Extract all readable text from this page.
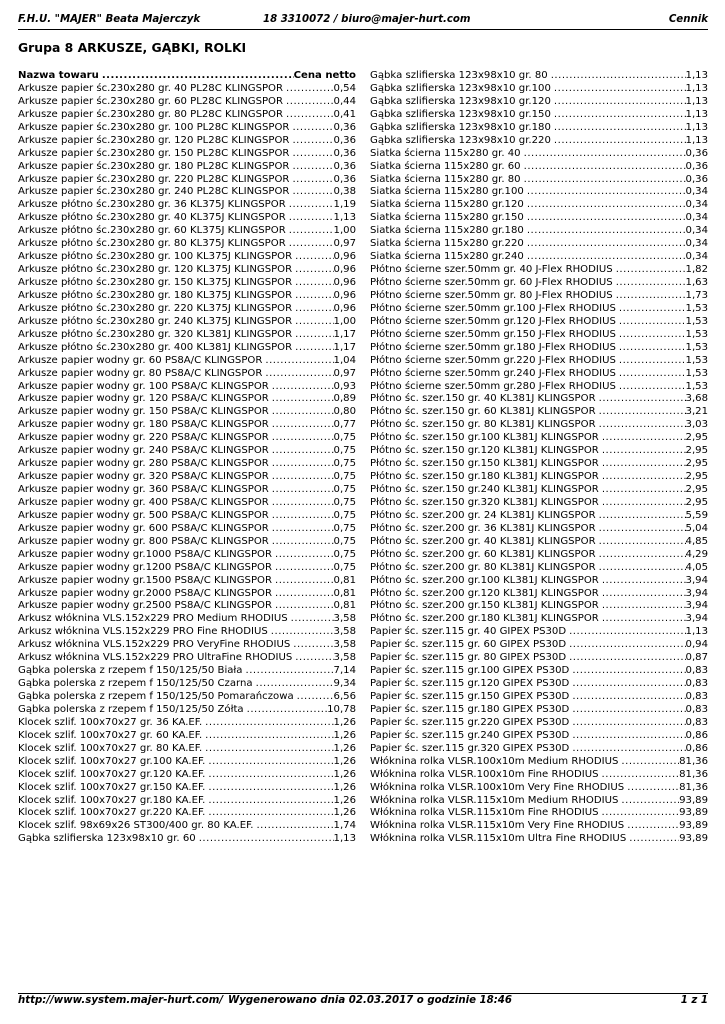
F.H.U. "MAJER" Beata Majerczyk	18 3310072 / biuro@majer-hurt.com	Cennik
Grupa 8 ARKUSZE, GĄBKI, ROLKI
Nazwa towaru .....	Cena netto
Arkusze papier śc.230x280 gr. 40 PL28C KLINGSPOR .....	0,54
Arkusze papier śc.230x280 gr. 60 PL28C KLINGSPOR .....	0,44
Arkusze papier śc.230x280 gr. 80 PL28C KLINGSPOR .....	0,41
Arkusze papier śc.230x280 gr. 100 PL28C KLINGSPOR .....	0,36
Arkusze papier śc.230x280 gr. 120 PL28C KLINGSPOR .....	0,36
Arkusze papier śc.230x280 gr. 150 PL28C KLINGSPOR .....	0,36
Arkusze papier śc.230x280 gr. 180 PL28C KLINGSPOR .....	0,36
Arkusze papier śc.230x280 gr. 220 PL28C KLINGSPOR .....	0,36
Arkusze papier śc.230x280 gr. 240 PL28C KLINGSPOR .....	0,38
Arkusze płótno śc.230x280 gr. 36 KL375J KLINGSPOR .....	1,19
Arkusze płótno śc.230x280 gr. 40 KL375J KLINGSPOR .....	1,13
Arkusze płótno śc.230x280 gr. 60 KL375J KLINGSPOR .....	1,00
Arkusze płótno śc.230x280 gr. 80 KL375J KLINGSPOR .....	0,97
Arkusze płótno śc.230x280 gr. 100 KL375J KLINGSPOR .....	0,96
Arkusze płótno śc.230x280 gr. 120 KL375J KLINGSPOR .....	0,96
Arkusze płótno śc.230x280 gr. 150 KL375J KLINGSPOR .....	0,96
Arkusze płótno śc.230x280 gr. 180 KL375J KLINGSPOR .....	0,96
Arkusze płótno śc.230x280 gr. 220 KL375J KLINGSPOR .....	0,96
Arkusze płótno śc.230x280 gr. 240 KL375J KLINGSPOR .....	1,00
Arkusze płótno śc.230x280 gr. 320 KL381J KLINGSPOR .....	1,17
Arkusze płótno śc.230x280 gr. 400 KL381J KLINGSPOR .....	1,17
Arkusze papier wodny gr. 60 PS8A/C KLINGSPOR .....	1,04
Arkusze papier wodny gr. 80 PS8A/C KLINGSPOR .....	0,97
Arkusze papier wodny gr. 100 PS8A/C KLINGSPOR .....	0,93
Arkusze papier wodny gr. 120 PS8A/C KLINGSPOR .....	0,89
Arkusze papier wodny gr. 150 PS8A/C KLINGSPOR .....	0,80
Arkusze papier wodny gr. 180 PS8A/C KLINGSPOR .....	0,77
Arkusze papier wodny gr. 220 PS8A/C KLINGSPOR .....	0,75
Arkusze papier wodny gr. 240 PS8A/C KLINGSPOR .....	0,75
Arkusze papier wodny gr. 280 PS8A/C KLINGSPOR .....	0,75
Arkusze papier wodny gr. 320 PS8A/C KLINGSPOR .....	0,75
Arkusze papier wodny gr. 360 PS8A/C KLINGSPOR .....	0,75
Arkusze papier wodny gr. 400 PS8A/C KLINGSPOR .....	0,75
Arkusze papier wodny gr. 500 PS8A/C KLINGSPOR .....	0,75
Arkusze papier wodny gr. 600 PS8A/C KLINGSPOR .....	0,75
Arkusze papier wodny gr. 800 PS8A/C KLINGSPOR .....	0,75
Arkusze papier wodny gr.1000 PS8A/C KLINGSPOR .....	0,75
Arkusze papier wodny gr.1200 PS8A/C KLINGSPOR .....	0,75
Arkusze papier wodny gr.1500 PS8A/C KLINGSPOR .....	0,81
Arkusze papier wodny gr.2000 PS8A/C KLINGSPOR .....	0,81
Arkusze papier wodny gr.2500 PS8A/C KLINGSPOR .....	0,81
Arkusz włóknina VLS.152x229 PRO Medium RHODIUS .....	3,58
Arkusz włóknina VLS.152x229 PRO Fine RHODIUS .....	3,58
Arkusz włóknina VLS.152x229 PRO VeryFine RHODIUS .....	3,58
Arkusz włóknina VLS.152x229 PRO UltraFine RHODIUS .....	3,58
Gąbka polerska z rzepem f 150/125/50 Biała .....	7,14
Gąbka polerska z rzepem f 150/125/50 Czarna .....	9,34
Gąbka polerska z rzepem f 150/125/50 Pomarańczowa .....	6,56
Gąbka polerska z rzepem f 150/125/50 Żółta .....	10,78
Klocek szlif. 100x70x27 gr. 36 KA.EF. .....	1,26
Klocek szlif. 100x70x27 gr. 60 KA.EF. .....	1,26
Klocek szlif. 100x70x27 gr. 80 KA.EF. .....	1,26
Klocek szlif. 100x70x27 gr.100 KA.EF. .....	1,26
Klocek szlif. 100x70x27 gr.120 KA.EF. .....	1,26
Klocek szlif. 100x70x27 gr.150 KA.EF. .....	1,26
Klocek szlif. 100x70x27 gr.180 KA.EF. .....	1,26
Klocek szlif. 100x70x27 gr.220 KA.EF. .....	1,26
Klocek szlif. 98x69x26 ST300/400 gr. 80 KA.EF. .....	1,74
Gąbka szlifierska 123x98x10 gr. 60 .....	1,13
Gąbka szlifierska 123x98x10 gr. 80 .....	1,13
Gąbka szlifierska 123x98x10 gr.100 .....	1,13
Gąbka szlifierska 123x98x10 gr.120 .....	1,13
Gąbka szlifierska 123x98x10 gr.150 .....	1,13
Gąbka szlifierska 123x98x10 gr.180 .....	1,13
Gąbka szlifierska 123x98x10 gr.220 .....	1,13
Siatka ścierna 115x280 gr. 40 .....	0,36
Siatka ścierna 115x280 gr. 60 .....	0,36
Siatka ścierna 115x280 gr. 80 .....	0,36
Siatka ścierna 115x280 gr.100 .....	0,34
Siatka ścierna 115x280 gr.120 .....	0,34
Siatka ścierna 115x280 gr.150 .....	0,34
Siatka ścierna 115x280 gr.180 .....	0,34
Siatka ścierna 115x280 gr.220 .....	0,34
Siatka ścierna 115x280 gr.240 .....	0,34
Płótno ścierne szer.50mm gr. 40 J-Flex RHODIUS .....	1,82
Płótno ścierne szer.50mm gr. 60 J-Flex RHODIUS .....	1,63
Płótno ścierne szer.50mm gr. 80 J-Flex RHODIUS .....	1,73
Płótno ścierne szer.50mm gr.100 J-Flex RHODIUS .....	1,53
Płótno ścierne szer.50mm gr.120 J-Flex RHODIUS .....	1,53
Płótno ścierne szer.50mm gr.150 J-Flex RHODIUS .....	1,53
Płótno ścierne szer.50mm gr.180 J-Flex RHODIUS .....	1,53
Płótno ścierne szer.50mm gr.220 J-Flex RHODIUS .....	1,53
Płótno ścierne szer.50mm gr.240 J-Flex RHODIUS .....	1,53
Płótno ścierne szer.50mm gr.280 J-Flex RHODIUS .....	1,53
Płótno śc. szer.150 gr. 40 KL381J KLINGSPOR .....	3,68
Płótno śc. szer.150 gr. 60 KL381J KLINGSPOR .....	3,21
Płótno śc. szer.150 gr. 80 KL381J KLINGSPOR .....	3,03
Płótno śc. szer.150 gr.100 KL381J KLINGSPOR .....	2,95
Płótno śc. szer.150 gr.120 KL381J KLINGSPOR .....	2,95
Płótno śc. szer.150 gr.150 KL381J KLINGSPOR .....	2,95
Płótno śc. szer.150 gr.180 KL381J KLINGSPOR .....	2,95
Płótno śc. szer.150 gr.240 KL381J KLINGSPOR .....	2,95
Płótno śc. szer.150 gr.320 KL381J KLINGSPOR .....	2,95
Płótno śc. szer.200 gr. 24 KL381J KLINGSPOR .....	5,59
Płótno śc. szer.200 gr. 36 KL381J KLINGSPOR .....	5,04
Płótno śc. szer.200 gr. 40 KL381J KLINGSPOR .....	4,85
Płótno śc. szer.200 gr. 60 KL381J KLINGSPOR .....	4,29
Płótno śc. szer.200 gr. 80 KL381J KLINGSPOR .....	4,05
Płótno śc. szer.200 gr.100 KL381J KLINGSPOR .....	3,94
Płótno śc. szer.200 gr.120 KL381J KLINGSPOR .....	3,94
Płótno śc. szer.200 gr.150 KL381J KLINGSPOR .....	3,94
Płótno śc. szer.200 gr.180 KL381J KLINGSPOR .....	3,94
Papier śc. szer.115 gr. 40 GIPEX PS30D .....	1,13
Papier śc. szer.115 gr. 60 GIPEX PS30D .....	0,94
Papier śc. szer.115 gr. 80 GIPEX PS30D .....	0,87
Papier śc. szer.115 gr.100 GIPEX PS30D .....	0,83
Papier śc. szer.115 gr.120 GIPEX PS30D .....	0,83
Papier śc. szer.115 gr.150 GIPEX PS30D .....	0,83
Papier śc. szer.115 gr.180 GIPEX PS30D .....	0,83
Papier śc. szer.115 gr.220 GIPEX PS30D .....	0,83
Papier śc. szer.115 gr.240 GIPEX PS30D .....	0,86
Papier śc. szer.115 gr.320 GIPEX PS30D .....	0,86
Włóknina rolka VLSR.100x10m Medium RHODIUS .....	81,36
Włóknina rolka VLSR.100x10m Fine RHODIUS .....	81,36
Włóknina rolka VLSR.100x10m Very Fine RHODIUS .....	81,36
Włóknina rolka VLSR.115x10m Medium RHODIUS .....	93,89
Włóknina rolka VLSR.115x10m Fine RHODIUS .....	93,89
Włóknina rolka VLSR.115x10m Very Fine RHODIUS .....	93,89
Włóknina rolka VLSR.115x10m Ultra Fine RHODIUS .....	93,89
http://www.system.majer-hurt.com/ Wygenerowano dnia 02.03.2017 o godzinie 18:46	1 z 1
